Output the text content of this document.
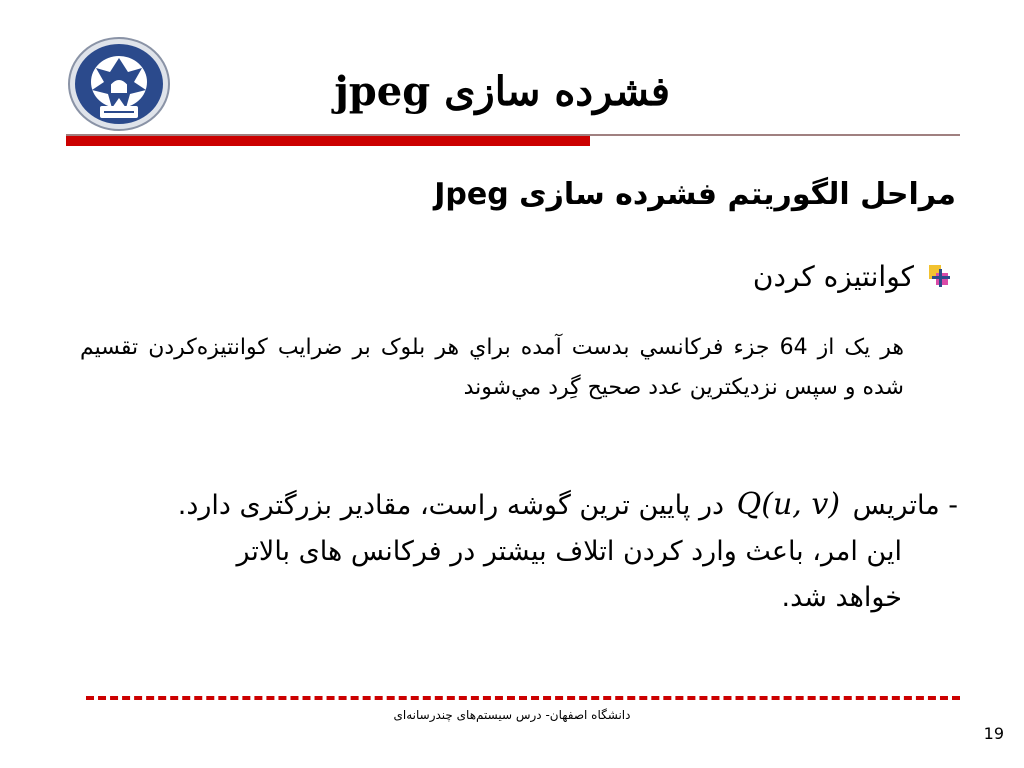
فشرده سازی jpeg
مراحل الگوریتم فشرده سازی Jpeg
کوانتیزه کردن
هر یک از 64 جزء فرکانسي بدست آمده براي هر بلوک بر ضرایب کوانتیزه‌کردن تقسیم شده و سپس نزدیکترین عدد صحیح گِرد مي‌شوند
- ماتریس Q(u, v) در پایین ترین گوشه راست، مقادیر بزرگتری دارد.
این امر، باعث وارد کردن اتلاف بیشتر در فرکانس های بالاتر
خواهد شد.
دانشگاه اصفهان- درس سیستم‌های چندرسانه‌ای
19
